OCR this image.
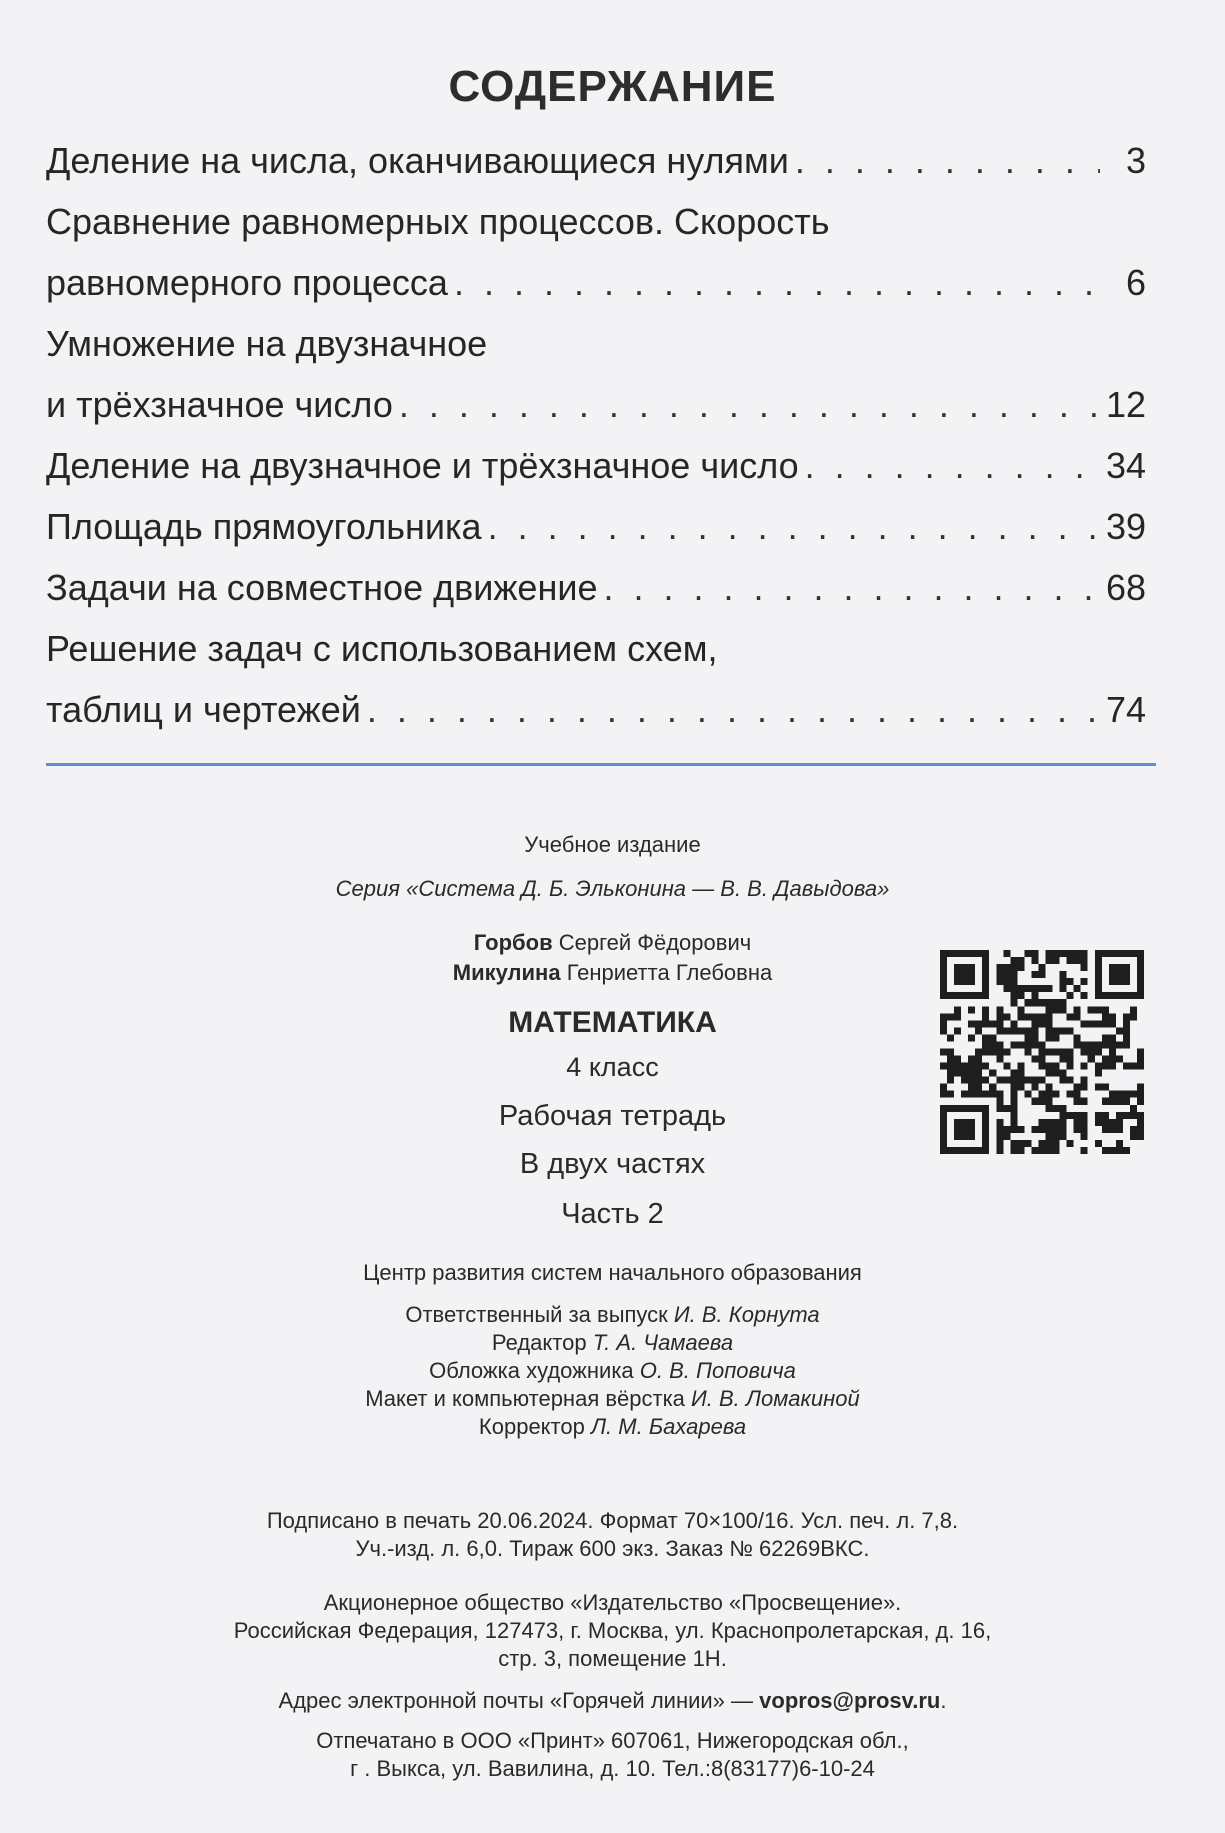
СОДЕРЖАНИЕ
Деление на числа, оканчивающиеся нулями . . .	3
Сравнение равномерных процессов. Скорость
равномерного процесса . . .	6
Умножение на двузначное
и трёхзначное число . . .	12
Деление на двузначное и трёхзначное число . . .	34
Площадь прямоугольника . . .	39
Задачи на совместное движение . . .	68
Решение задач с использованием схем,
таблиц и чертежей . . .	74
Учебное издание
Серия «Система Д. Б. Эльконина — В. В. Давыдова»
Горбов Сергей Фёдорович
Микулина Генриетта Глебовна
МАТЕМАТИКА
4 класс
Рабочая тетрадь
В двух частях
Часть 2
Центр развития систем начального образования
Ответственный за выпуск И. В. Корнута
Редактор Т. А. Чамаева
Обложка художника О. В. Поповича
Макет и компьютерная вёрстка И. В. Ломакиной
Корректор Л. М. Бахарева
Подписано в печать 20.06.2024. Формат 70×100/16. Усл. печ. л. 7,8.
Уч.-изд. л. 6,0. Тираж 600 экз. Заказ № 62269ВКС.
Акционерное общество «Издательство «Просвещение».
Российская Федерация, 127473, г. Москва, ул. Краснопролетарская, д. 16,
стр. 3, помещение 1Н.
Адрес электронной почты «Горячей линии» — vopros@prosv.ru.
Отпечатано в ООО «Принт» 607061, Нижегородская обл.,
г . Выкса, ул. Вавилина, д. 10. Тел.:8(83177)6-10-24
